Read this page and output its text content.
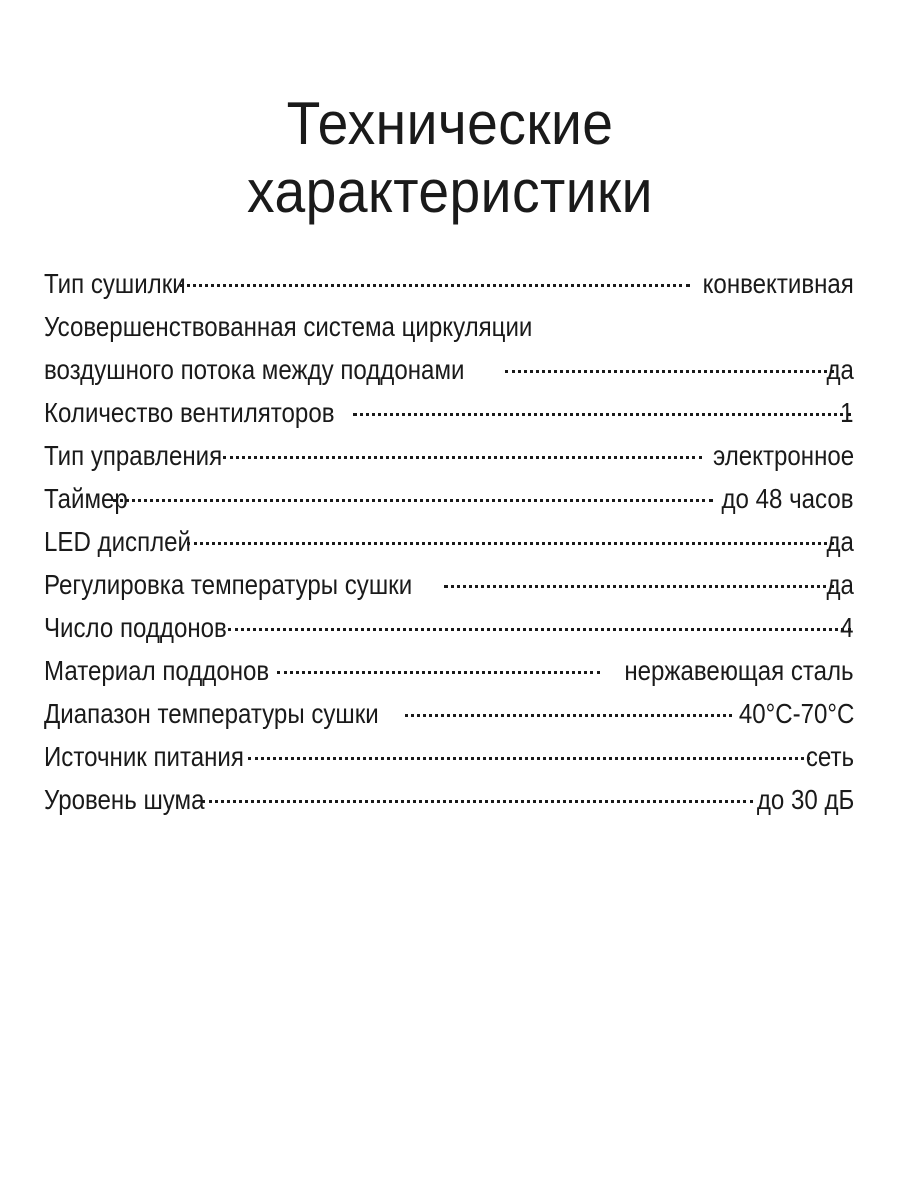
Технические
характеристики
Тип сушилки	конвективная
Усовершенствованная система циркуляции
воздушного потока между поддонами	да
Количество вентиляторов	1
Тип управления	электронное
Таймер	до 48 часов
LED дисплей	да
Регулировка температуры сушки	да
Число поддонов	4
Материал поддонов	нержавеющая сталь
Диапазон температуры сушки	40°С-70°С
Источник питания	сеть
Уровень шума	до 30 дБ
